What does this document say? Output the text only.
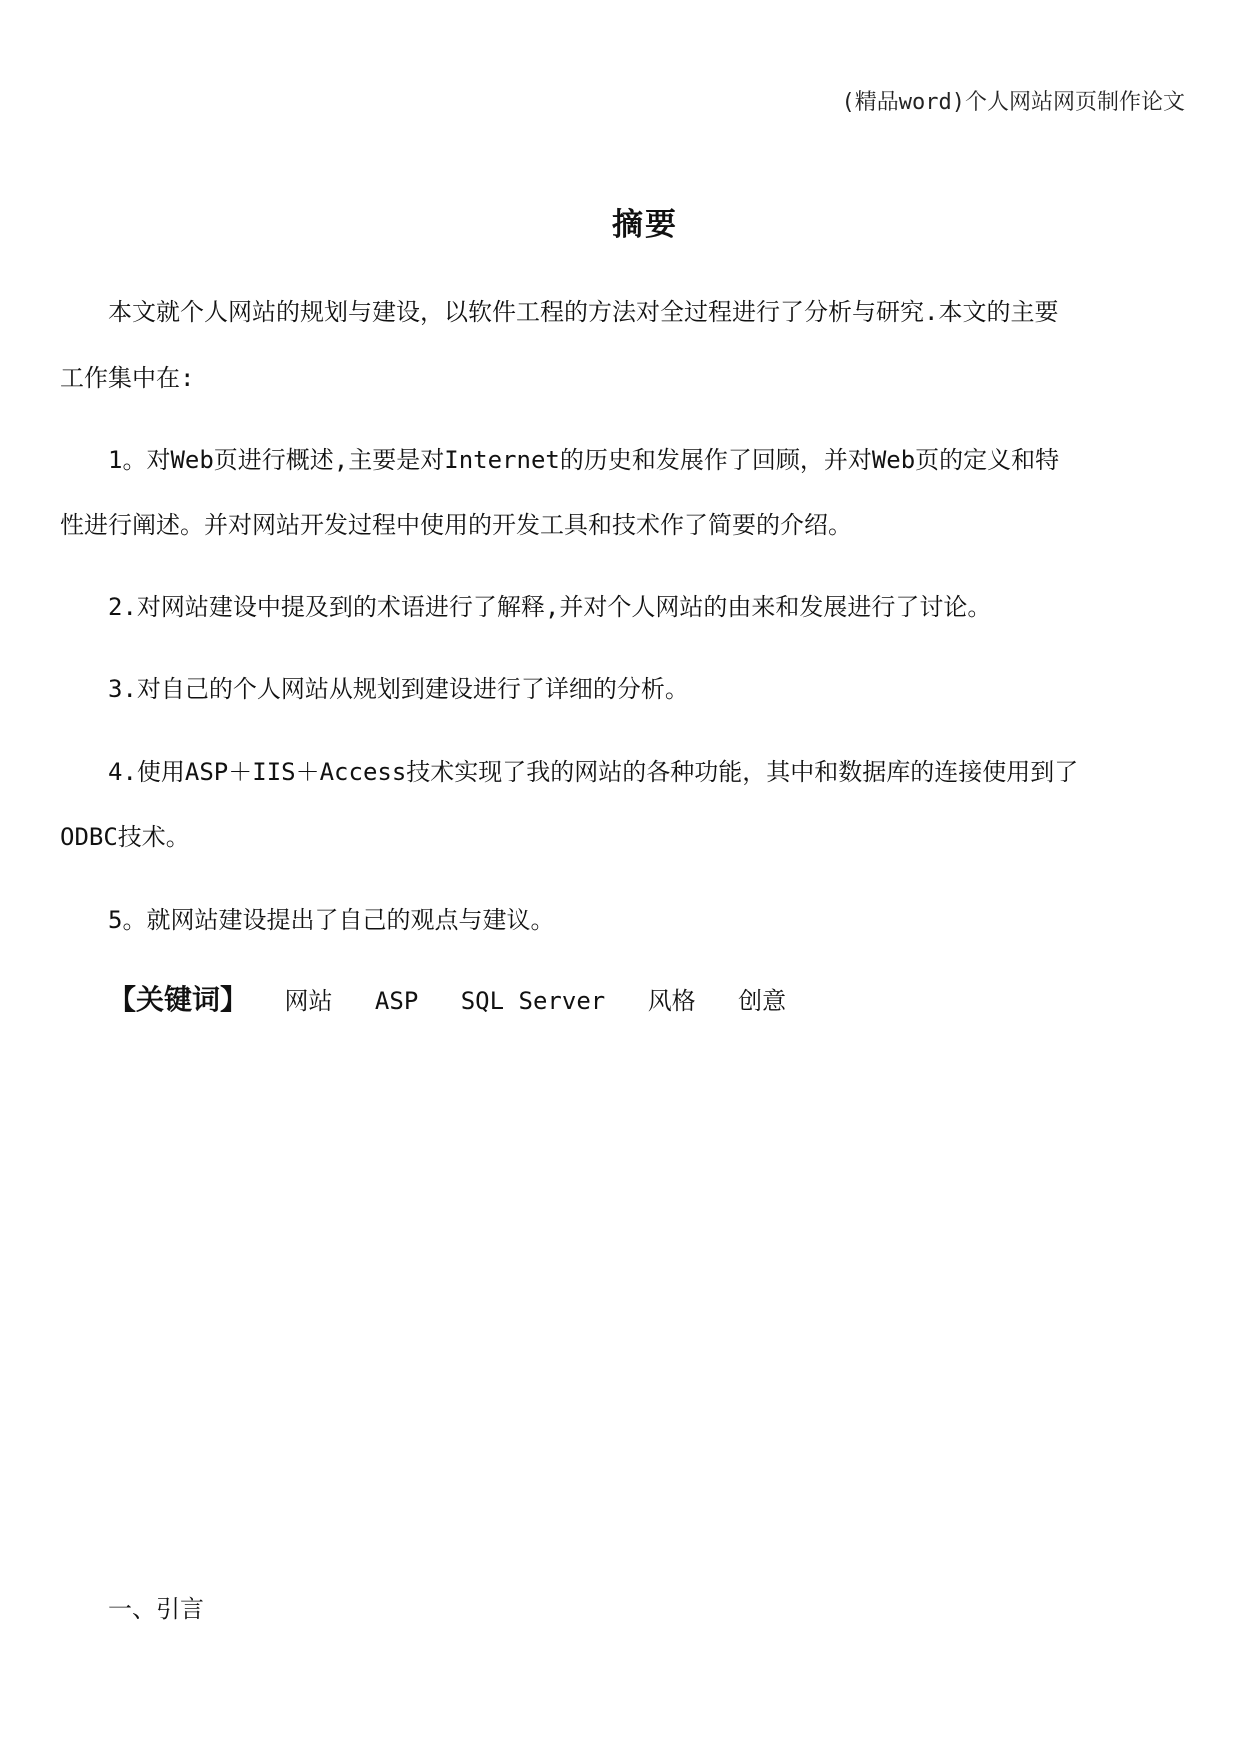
(精品word)个人网站网页制作论文
摘要
本文就个人网站的规划与建设，以软件工程的方法对全过程进行了分析与研究.本文的主要
工作集中在:
1。对Web页进行概述,主要是对Internet的历史和发展作了回顾，并对Web页的定义和特
性进行阐述。并对网站开发过程中使用的开发工具和技术作了简要的介绍。
2.对网站建设中提及到的术语进行了解释,并对个人网站的由来和发展进行了讨论。
3.对自己的个人网站从规划到建设进行了详细的分析。
4.使用ASP＋IIS＋Access技术实现了我的网站的各种功能，其中和数据库的连接使用到了
ODBC技术。
5。就网站建设提出了自己的观点与建议。
【关键词】 网站 ASP SQL Server 风格 创意
一、引言
